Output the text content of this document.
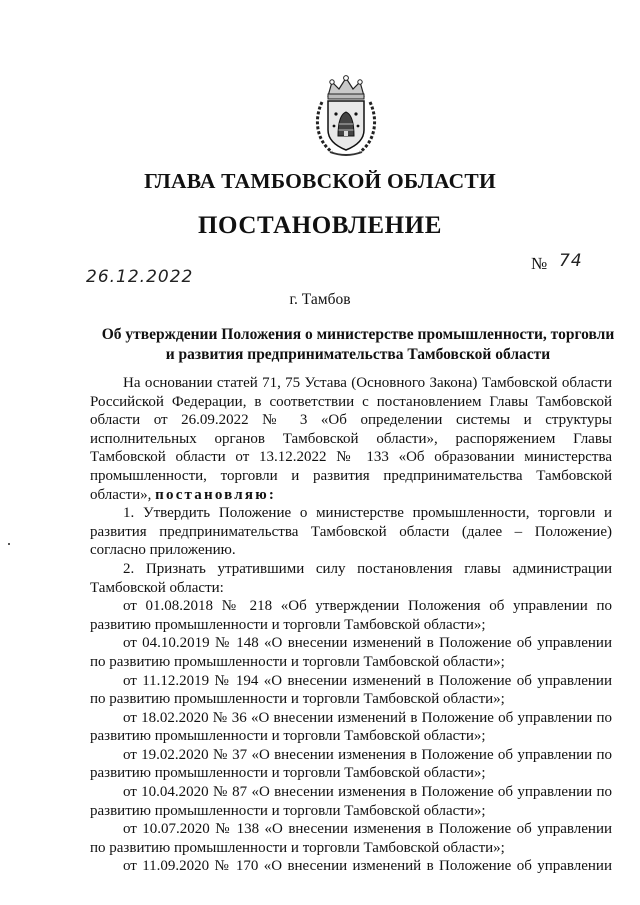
ГЛАВА ТАМБОВСКОЙ ОБЛАСТИ
ПОСТАНОВЛЕНИЕ
26.12.2022
№ 74
г. Тамбов
Об утверждении Положения о министерстве промышленности, торговли и развития предпринимательства Тамбовской области

На основании статей 71, 75 Устава (Основного Закона) Тамбовской области Российской Федерации, в соответствии с постановлением Главы Тамбовской области от 26.09.2022 № 3 «Об определении системы и структуры исполнительных органов Тамбовской области», распоряжением Главы Тамбовской области от 13.12.2022 № 133 «Об образовании министерства промышленности, торговли и развития предпринимательства Тамбовской области», постановляю:

1. Утвердить Положение о министерстве промышленности, торговли и развития предпринимательства Тамбовской области (далее – Положение) согласно приложению.

2. Признать утратившими силу постановления главы администрации Тамбовской области:

от 01.08.2018 № 218 «Об утверждении Положения об управлении по развитию промышленности и торговли Тамбовской области»;

от 04.10.2019 № 148 «О внесении изменений в Положение об управлении по развитию промышленности и торговли Тамбовской области»;

от 11.12.2019 № 194 «О внесении изменений в Положение об управлении по развитию промышленности и торговли Тамбовской области»;

от 18.02.2020 № 36 «О внесении изменений в Положение об управлении по развитию промышленности и торговли Тамбовской области»;

от 19.02.2020 № 37 «О внесении изменения в Положение об управлении по развитию промышленности и торговли Тамбовской области»;

от 10.04.2020 № 87 «О внесении изменения в Положение об управлении по развитию промышленности и торговли Тамбовской области»;

от 10.07.2020 № 138 «О внесении изменения в Положение об управлении по развитию промышленности и торговли Тамбовской области»;

от 11.09.2020 № 170 «О внесении изменений в Положение об управлении
